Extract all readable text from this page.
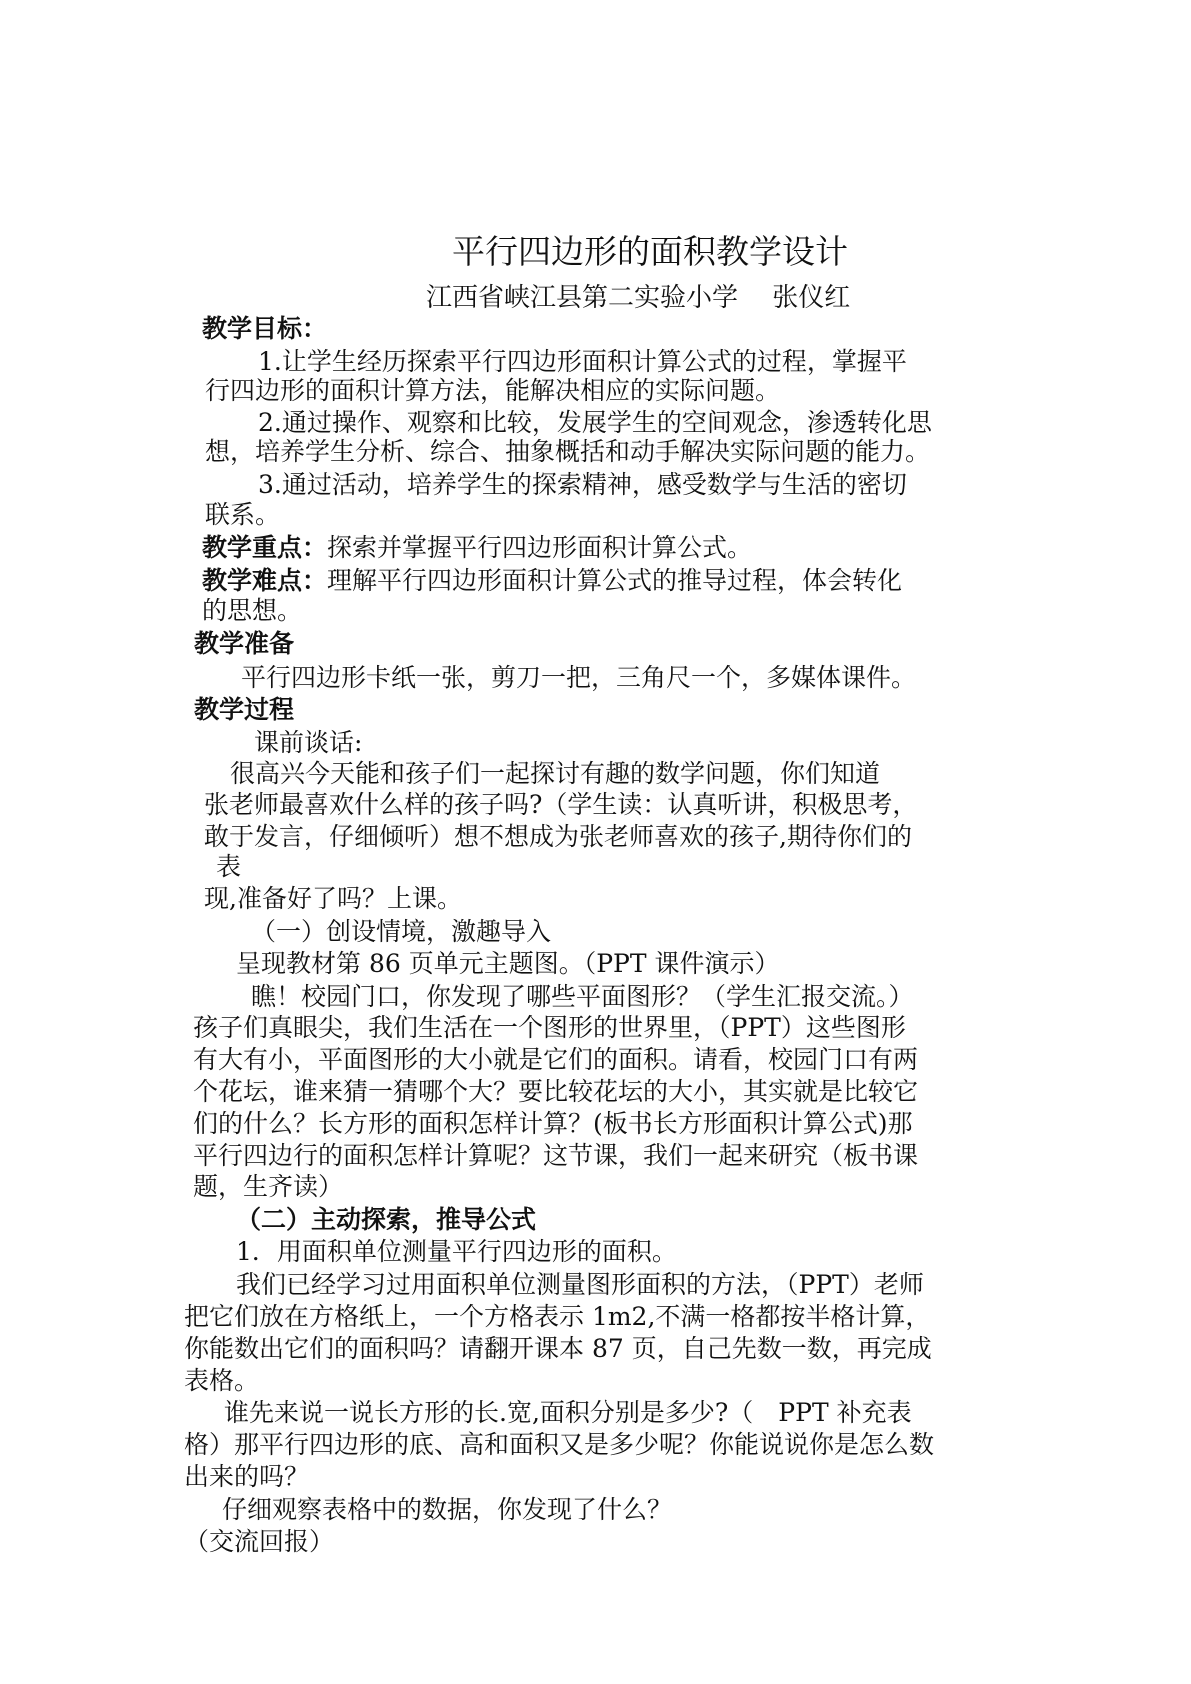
平行四边形的面积教学设计
江西省峡江县第二实验小学　 张仪红
教学目标：
1.让学生经历探索平行四边形面积计算公式的过程，掌握平
行四边形的面积计算方法，能解决相应的实际问题。
2.通过操作、观察和比较，发展学生的空间观念，渗透转化思
想，培养学生分析、综合、抽象概括和动手解决实际问题的能力。
3.通过活动，培养学生的探索精神，感受数学与生活的密切
联系。
教学重点：探索并掌握平行四边形面积计算公式。
教学难点：理解平行四边形面积计算公式的推导过程，体会转化
的思想。
教学准备
平行四边形卡纸一张，剪刀一把，三角尺一个，多媒体课件。
教学过程
课前谈话:
很高兴今天能和孩子们一起探讨有趣的数学问题，你们知道
张老师最喜欢什么样的孩子吗?（学生读：认真听讲，积极思考，
敢于发言，仔细倾听）想不想成为张老师喜欢的孩子,期待你们的
表
现,准备好了吗？上课。
（一）创设情境，激趣导入
呈现教材第 86 页单元主题图。（PPT 课件演示）
瞧！校园门口，你发现了哪些平面图形？（学生汇报交流。）
孩子们真眼尖，我们生活在一个图形的世界里，（PPT）这些图形
有大有小，平面图形的大小就是它们的面积。请看，校园门口有两
个花坛，谁来猜一猜哪个大？要比较花坛的大小，其实就是比较它
们的什么？长方形的面积怎样计算？(板书长方形面积计算公式)那
平行四边行的面积怎样计算呢？这节课，我们一起来研究（板书课
题，生齐读）
（二）主动探索，推导公式
1．用面积单位测量平行四边形的面积。
我们已经学习过用面积单位测量图形面积的方法，（PPT）老师
把它们放在方格纸上，一个方格表示 1m2,不满一格都按半格计算，
你能数出它们的面积吗？请翻开课本 87 页，自己先数一数，再完成
表格。
谁先来说一说长方形的长.宽,面积分别是多少?（　PPT 补充表
格）那平行四边形的底、高和面积又是多少呢？你能说说你是怎么数
出来的吗？
仔细观察表格中的数据，你发现了什么？
（交流回报）
